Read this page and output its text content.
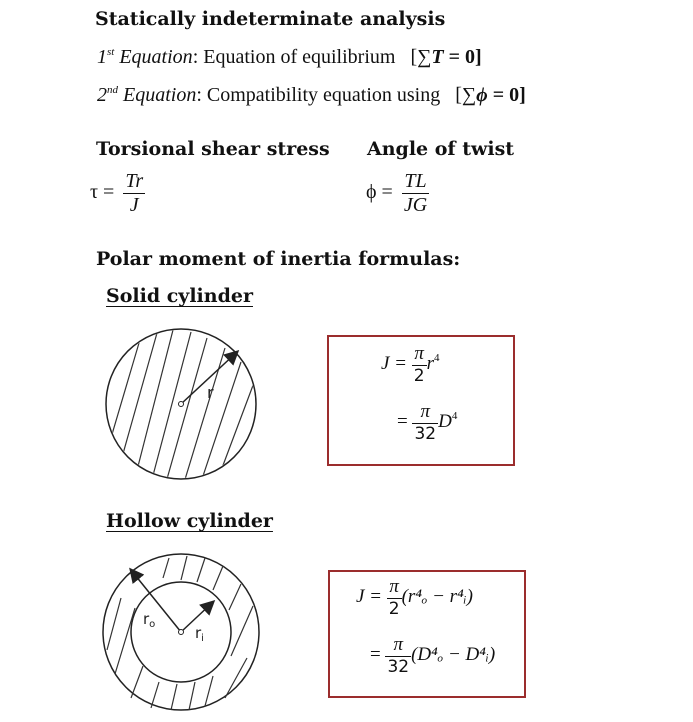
Statically indeterminate analysis
1st Equation: Equation of equilibrium [∑T = 0]
2nd Equation: Compatibility equation using [∑ϕ = 0]
Torsional shear stress Angle of twist
$\tau = \frac{Tr}{J}$	$\phi = \frac{TL}{JG}$
Polar moment of inertia formulas:
Solid cylinder
r
$J = \frac{\pi}{2} r^4$
= $\frac{\pi}{32} D^4$
Hollow cylinder
$r_o$	$r_i$
$J = \frac{\pi}{2} (r^4_o$ − r⁴ᵢ)
= $\frac{\pi}{32} (D^4_o$ − D⁴ᵢ)
